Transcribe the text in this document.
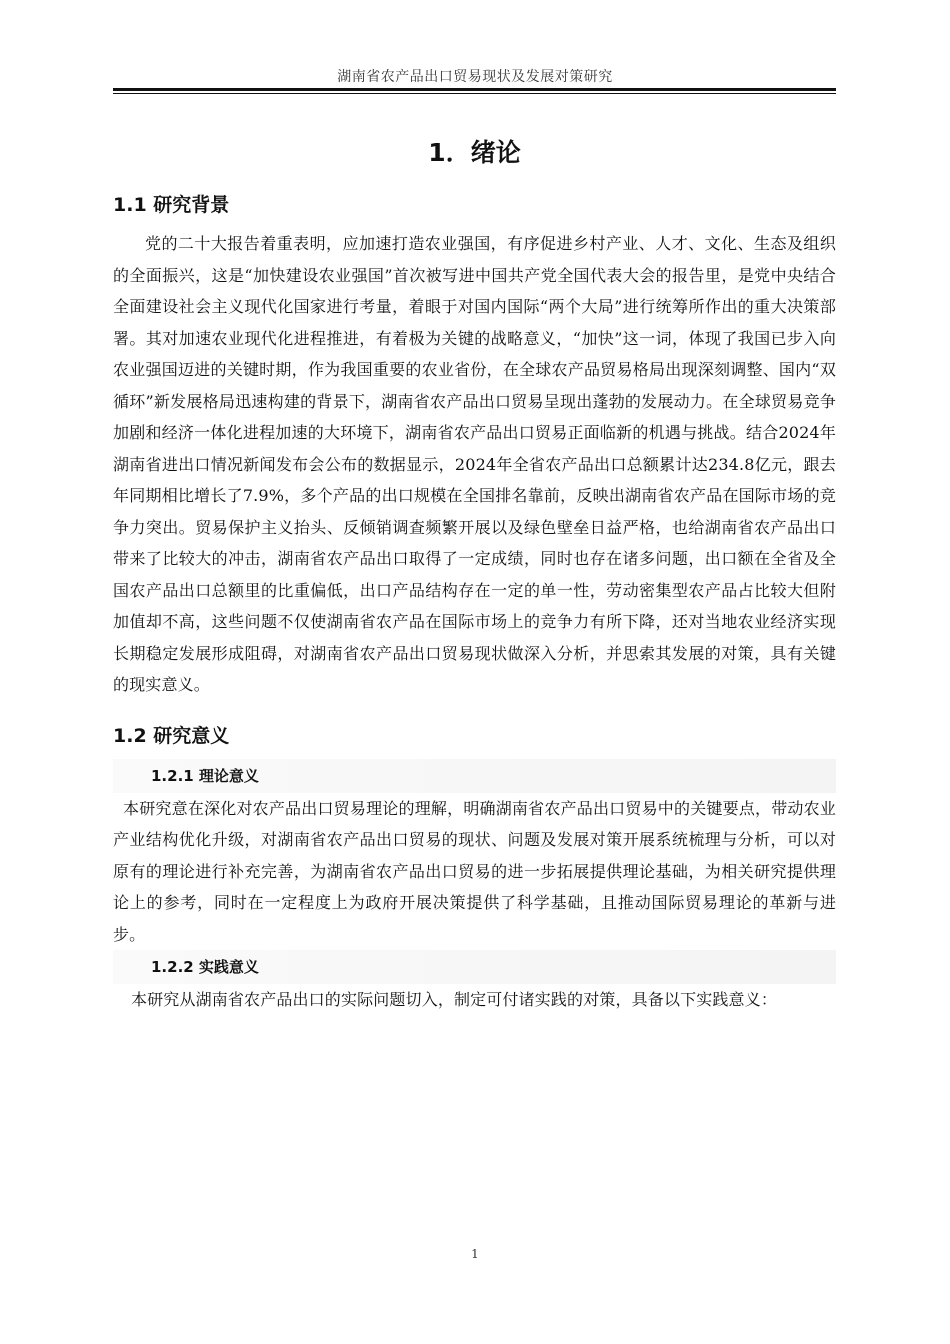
湖南省农产品出口贸易现状及发展对策研究
1．绪论
1.1 研究背景

党的二十大报告着重表明，应加速打造农业强国，有序促进乡村产业、人才、文化、生态及组织的全面振兴，这是“加快建设农业强国”首次被写进中国共产党全国代表大会的报告里，是党中央结合全面建设社会主义现代化国家进行考量，着眼于对国内国际“两个大局”进行统筹所作出的重大决策部署。其对加速农业现代化进程推进，有着极为关键的战略意义，“加快”这一词，体现了我国已步入向农业强国迈进的关键时期，作为我国重要的农业省份，在全球农产品贸易格局出现深刻调整、国内“双循环”新发展格局迅速构建的背景下，湖南省农产品出口贸易呈现出蓬勃的发展动力。在全球贸易竞争加剧和经济一体化进程加速的大环境下，湖南省农产品出口贸易正面临新的机遇与挑战。结合2024年湖南省进出口情况新闻发布会公布的数据显示，2024年全省农产品出口总额累计达234.8亿元，跟去年同期相比增长了7.9%，多个产品的出口规模在全国排名靠前，反映出湖南省农产品在国际市场的竞争力突出。贸易保护主义抬头、反倾销调查频繁开展以及绿色壁垒日益严格，也给湖南省农产品出口带来了比较大的冲击，湖南省农产品出口取得了一定成绩，同时也存在诸多问题，出口额在全省及全国农产品出口总额里的比重偏低，出口产品结构存在一定的单一性，劳动密集型农产品占比较大但附加值却不高，这些问题不仅使湖南省农产品在国际市场上的竞争力有所下降，还对当地农业经济实现长期稳定发展形成阻碍，对湖南省农产品出口贸易现状做深入分析，并思索其发展的对策，具有关键的现实意义。

1.2 研究意义
1.2.1 理论意义

本研究意在深化对农产品出口贸易理论的理解，明确湖南省农产品出口贸易中的关键要点，带动农业产业结构优化升级，对湖南省农产品出口贸易的现状、问题及发展对策开展系统梳理与分析，可以对原有的理论进行补充完善，为湖南省农产品出口贸易的进一步拓展提供理论基础，为相关研究提供理论上的参考，同时在一定程度上为政府开展决策提供了科学基础，且推动国际贸易理论的革新与进步。

1.2.2 实践意义

本研究从湖南省农产品出口的实际问题切入，制定可付诸实践的对策，具备以下实践意义：

1
